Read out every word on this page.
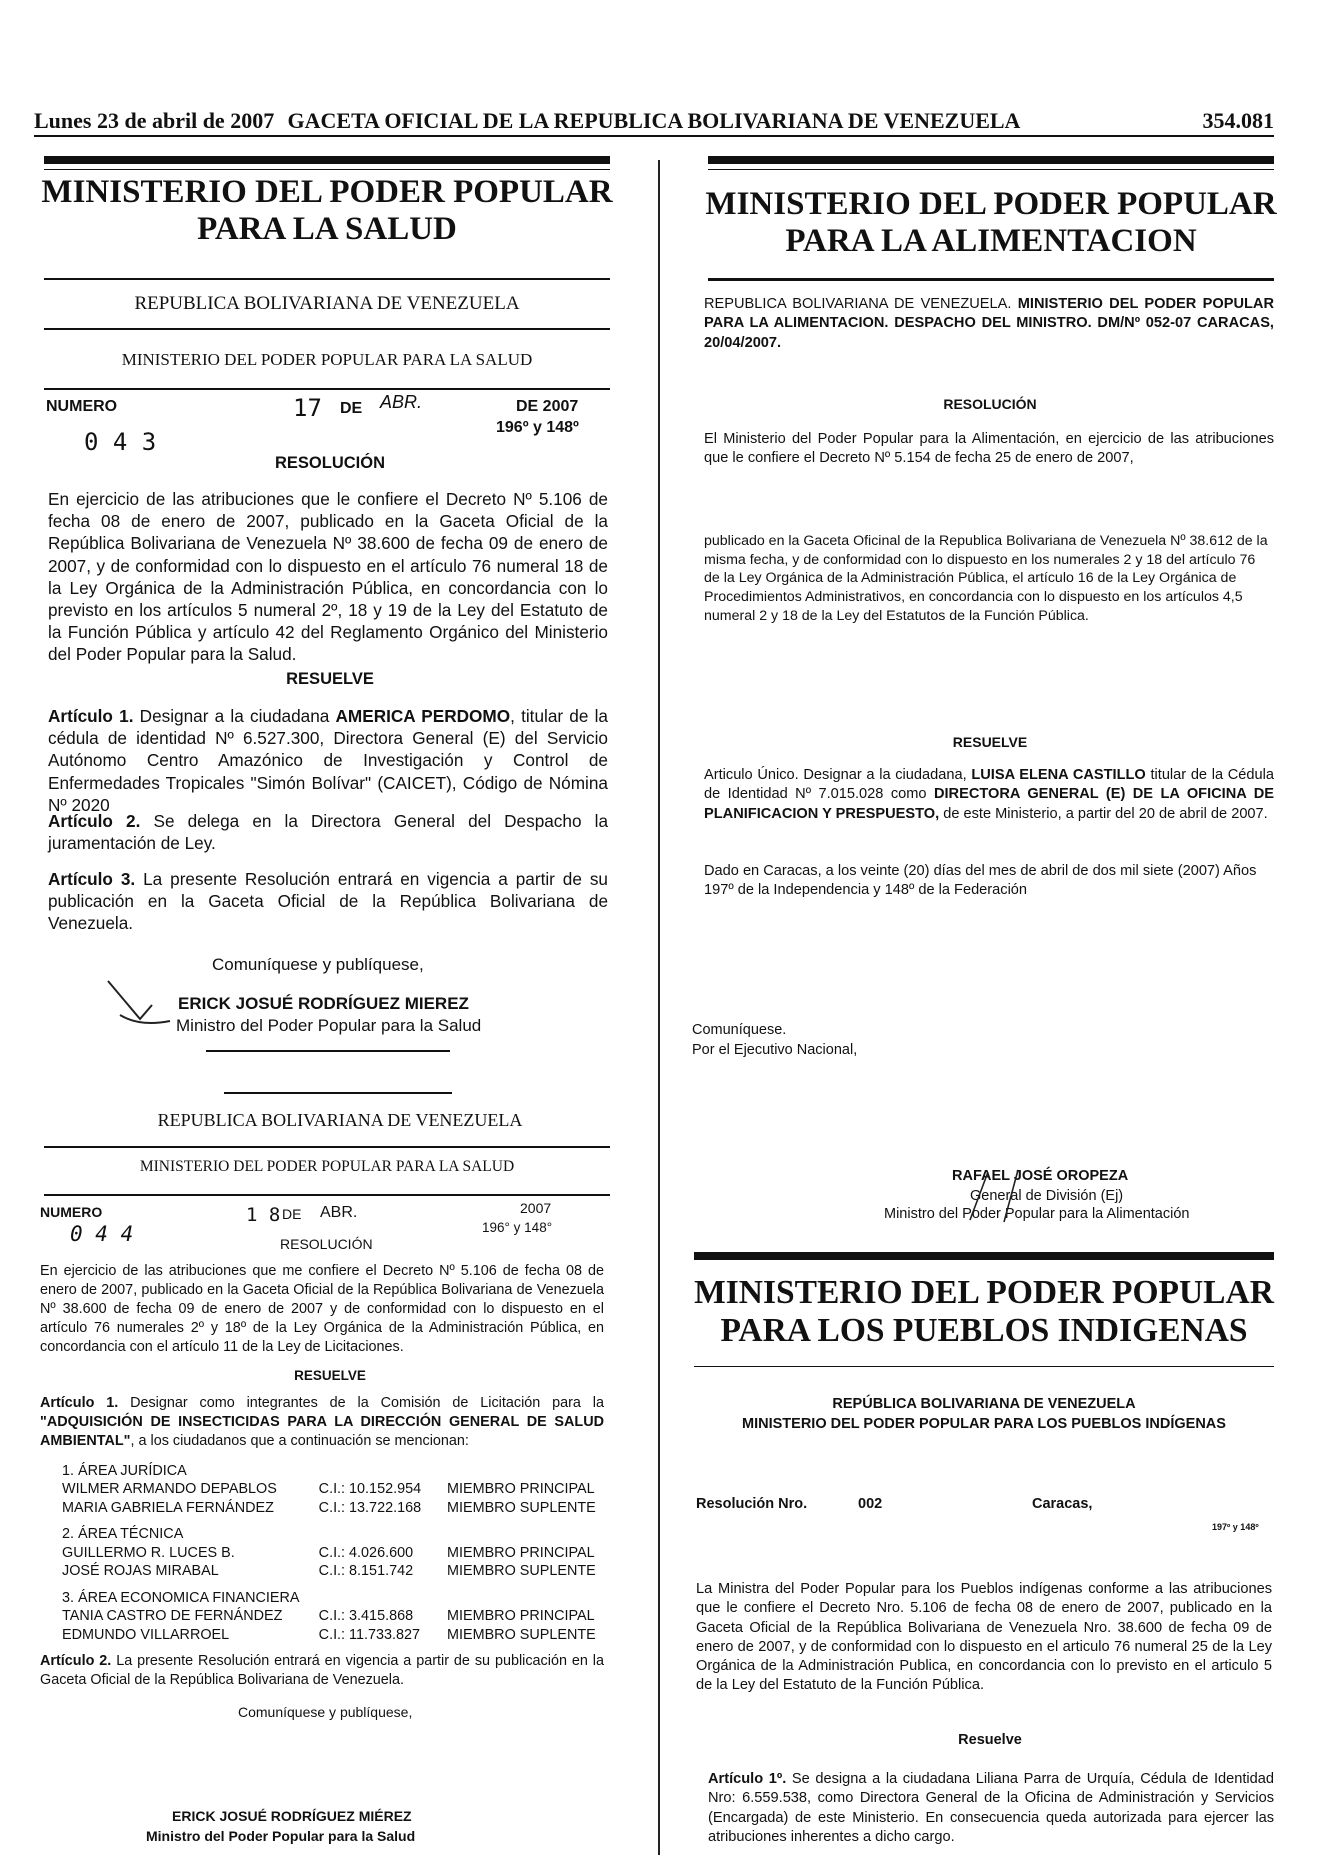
Lunes 23 de abril de 2007 GACETA OFICIAL DE LA REPUBLICA BOLIVARIANA DE VENEZUELA	354.081
MINISTERIO DEL PODER POPULAR
PARA LA SALUD
REPUBLICA BOLIVARIANA DE VENEZUELA
MINISTERIO DEL PODER POPULAR PARA LA SALUD
NUMERO
0 4 3
17 DE ABR.	DE 2007
196º y 148º
RESOLUCIÓN
En ejercicio de las atribuciones que le confiere el Decreto Nº 5.106 de fecha 08 de enero de 2007, publicado en la Gaceta Oficial de la República Bolivariana de Venezuela Nº 38.600 de fecha 09 de enero de 2007, y de conformidad con lo dispuesto en el artículo 76 numeral 18 de la Ley Orgánica de la Administración Pública, en concordancia con lo previsto en los artículos 5 numeral 2º, 18 y 19 de la Ley del Estatuto de la Función Pública y artículo 42 del Reglamento Orgánico del Ministerio del Poder Popular para la Salud.
RESUELVE
Artículo 1. Designar a la ciudadana AMERICA PERDOMO, titular de la cédula de identidad Nº 6.527.300, Directora General (E) del Servicio Autónomo Centro Amazónico de Investigación y Control de Enfermedades Tropicales "Simón Bolívar" (CAICET), Código de Nómina Nº 2020
Artículo 2. Se delega en la Directora General del Despacho la juramentación de Ley.
Artículo 3. La presente Resolución entrará en vigencia a partir de su publicación en la Gaceta Oficial de la República Bolivariana de Venezuela.
Comuníquese y publíquese,
ERICK JOSUÉ RODRÍGUEZ MIEREZ
Ministro del Poder Popular para la Salud
REPUBLICA BOLIVARIANA DE VENEZUELA
MINISTERIO DEL PODER POPULAR PARA LA SALUD
NUMERO
0 4 4
1 8 DE ABR.	2007
196° y 148°
RESOLUCIÓN
En ejercicio de las atribuciones que me confiere el Decreto Nº 5.106 de fecha 08 de enero de 2007, publicado en la Gaceta Oficial de la República Bolivariana de Venezuela Nº 38.600 de fecha 09 de enero de 2007 y de conformidad con lo dispuesto en el artículo 76 numerales 2º y 18º de la Ley Orgánica de la Administración Pública, en concordancia con el artículo 11 de la Ley de Licitaciones.
RESUELVE
Artículo 1. Designar como integrantes de la Comisión de Licitación para la "ADQUISICIÓN DE INSECTICIDAS PARA LA DIRECCIÓN GENERAL DE SALUD AMBIENTAL", a los ciudadanos que a continuación se mencionan:
1. ÁREA JURÍDICA
WILMER ARMANDO DEPABLOS	C.I.: 10.152.954	MIEMBRO PRINCIPAL
MARIA GABRIELA FERNÁNDEZ	C.I.: 13.722.168	MIEMBRO SUPLENTE
2. ÁREA TÉCNICA
GUILLERMO R. LUCES B.	C.I.: 4.026.600	MIEMBRO PRINCIPAL
JOSÉ ROJAS MIRABAL	C.I.: 8.151.742	MIEMBRO SUPLENTE
3. ÁREA ECONOMICA FINANCIERA
TANIA CASTRO DE FERNÁNDEZ	C.I.: 3.415.868	MIEMBRO PRINCIPAL
EDMUNDO VILLARROEL	C.I.: 11.733.827	MIEMBRO SUPLENTE
Artículo 2. La presente Resolución entrará en vigencia a partir de su publicación en la Gaceta Oficial de la República Bolivariana de Venezuela.
Comuníquese y publíquese,
ERICK JOSUÉ RODRÍGUEZ MIÉREZ
Ministro del Poder Popular para la Salud
MINISTERIO DEL PODER POPULAR
PARA LA ALIMENTACION
REPUBLICA BOLIVARIANA DE VENEZUELA. MINISTERIO DEL PODER POPULAR PARA LA ALIMENTACION. DESPACHO DEL MINISTRO. DM/Nº 052-07 CARACAS, 20/04/2007.
RESOLUCIÓN
El Ministerio del Poder Popular para la Alimentación, en ejercicio de las atribuciones que le confiere el Decreto Nº 5.154 de fecha 25 de enero de 2007,
publicado en la Gaceta Oficinal de la Republica Bolivariana de Venezuela Nº 38.612 de la misma fecha, y de conformidad con lo dispuesto en los numerales 2 y 18 del artículo 76 de la Ley Orgánica de la Administración Pública, el artículo 16 de la Ley Orgánica de Procedimientos Administrativos, en concordancia con lo dispuesto en los artículos 4,5 numeral 2 y 18 de la Ley del Estatutos de la Función Pública.
RESUELVE
Articulo Único. Designar a la ciudadana, LUISA ELENA CASTILLO titular de la Cédula de Identidad Nº 7.015.028 como DIRECTORA GENERAL (E) DE LA OFICINA DE PLANIFICACION Y PRESPUESTO, de este Ministerio, a partir del 20 de abril de 2007.
Dado en Caracas, a los veinte (20) días del mes de abril de dos mil siete (2007) Años 197º de la Independencia y 148º de la Federación
Comuníquese.
Por el Ejecutivo Nacional,
RAFAEL JOSÉ OROPEZA
General de División (Ej)
Ministro del Poder Popular para la Alimentación
MINISTERIO DEL PODER POPULAR
PARA LOS PUEBLOS INDIGENAS
REPÚBLICA BOLIVARIANA DE VENEZUELA
MINISTERIO DEL PODER POPULAR PARA LOS PUEBLOS INDÍGENAS
Resolución Nro.	002	Caracas,
197º y 148º
La Ministra del Poder Popular para los Pueblos indígenas conforme a las atribuciones que le confiere el Decreto Nro. 5.106 de fecha 08 de enero de 2007, publicado en la Gaceta Oficial de la República Bolivariana de Venezuela Nro. 38.600 de fecha 09 de enero de 2007, y de conformidad con lo dispuesto en el articulo 76 numeral 25 de la Ley Orgánica de la Administración Publica, en concordancia con lo previsto en el articulo 5 de la Ley del Estatuto de la Función Pública.
Resuelve
Artículo 1º. Se designa a la ciudadana Liliana Parra de Urquía, Cédula de Identidad Nro: 6.559.538, como Directora General de la Oficina de Administración y Servicios (Encargada) de este Ministerio. En consecuencia queda autorizada para ejercer las atribuciones inherentes a dicho cargo.
